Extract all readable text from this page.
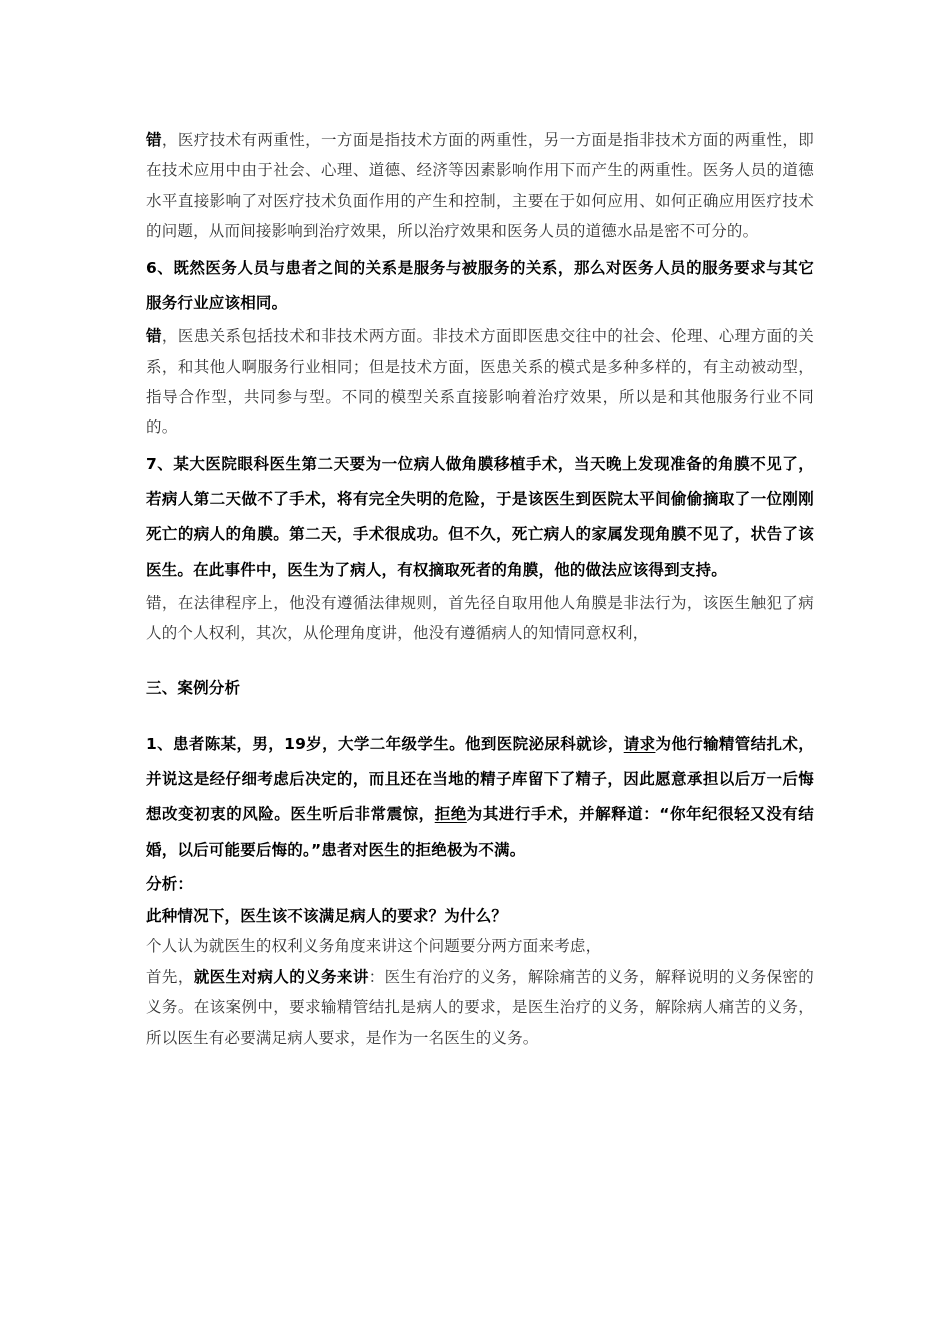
错，医疗技术有两重性，一方面是指技术方面的两重性，另一方面是指非技术方面的两重性，即在技术应用中由于社会、心理、道德、经济等因素影响作用下而产生的两重性。医务人员的道德水平直接影响了对医疗技术负面作用的产生和控制，主要在于如何应用、如何正确应用医疗技术的问题，从而间接影响到治疗效果，所以治疗效果和医务人员的道德水品是密不可分的。

6、既然医务人员与患者之间的关系是服务与被服务的关系，那么对医务人员的服务要求与其它服务行业应该相同。

错，医患关系包括技术和非技术两方面。非技术方面即医患交往中的社会、伦理、心理方面的关系，和其他人啊服务行业相同；但是技术方面，医患关系的模式是多种多样的，有主动被动型，指导合作型，共同参与型。不同的模型关系直接影响着治疗效果，所以是和其他服务行业不同的。

7、某大医院眼科医生第二天要为一位病人做角膜移植手术，当天晚上发现准备的角膜不见了，若病人第二天做不了手术，将有完全失明的危险，于是该医生到医院太平间偷偷摘取了一位刚刚死亡的病人的角膜。第二天，手术很成功。但不久，死亡病人的家属发现角膜不见了，状告了该医生。在此事件中，医生为了病人，有权摘取死者的角膜，他的做法应该得到支持。

错，在法律程序上，他没有遵循法律规则，首先径自取用他人角膜是非法行为，该医生触犯了病人的个人权利，其次，从伦理角度讲，他没有遵循病人的知情同意权利，

三、案例分析

1、患者陈某，男，19岁，大学二年级学生。他到医院泌尿科就诊，请求为他行输精管结扎术，并说这是经仔细考虑后决定的，而且还在当地的精子库留下了精子，因此愿意承担以后万一后悔想改变初衷的风险。医生听后非常震惊，拒绝为其进行手术，并解释道：“你年纪很轻又没有结婚，以后可能要后悔的。”患者对医生的拒绝极为不满。

分析：

此种情况下，医生该不该满足病人的要求？为什么？

个人认为就医生的权利义务角度来讲这个问题要分两方面来考虑，

首先，就医生对病人的义务来讲：医生有治疗的义务，解除痛苦的义务，解释说明的义务保密的义务。在该案例中，要求输精管结扎是病人的要求，是医生治疗的义务，解除病人痛苦的义务，所以医生有必要满足病人要求，是作为一名医生的义务。
